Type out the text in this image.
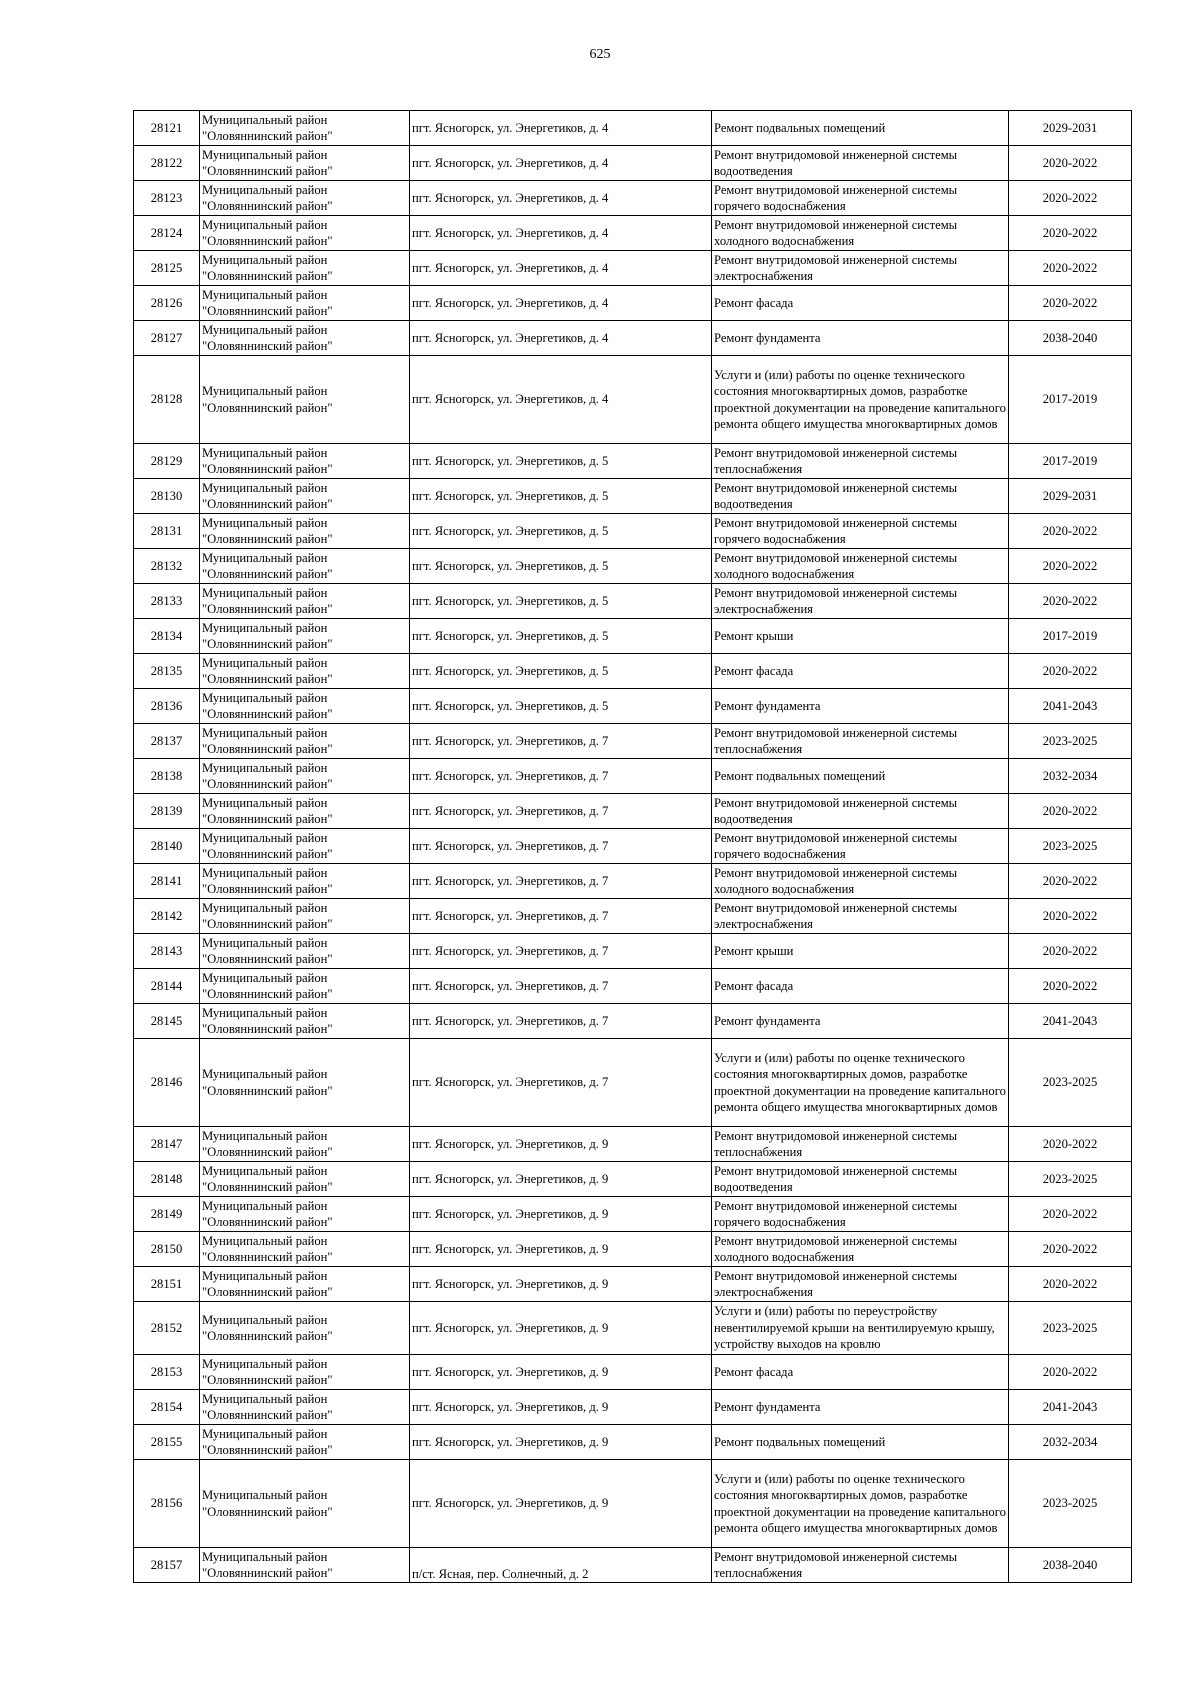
625
28121	Муниципальный район "Оловяннинский район"	пгт. Ясногорск, ул. Энергетиков, д. 4	Ремонт подвальных помещений	2029-2031
28122	Муниципальный район "Оловяннинский район"	пгт. Ясногорск, ул. Энергетиков, д. 4	Ремонт внутридомовой инженерной системы водоотведения	2020-2022
28123	Муниципальный район "Оловяннинский район"	пгт. Ясногорск, ул. Энергетиков, д. 4	Ремонт внутридомовой инженерной системы горячего водоснабжения	2020-2022
28124	Муниципальный район "Оловяннинский район"	пгт. Ясногорск, ул. Энергетиков, д. 4	Ремонт внутридомовой инженерной системы холодного водоснабжения	2020-2022
28125	Муниципальный район "Оловяннинский район"	пгт. Ясногорск, ул. Энергетиков, д. 4	Ремонт внутридомовой инженерной системы электроснабжения	2020-2022
28126	Муниципальный район "Оловяннинский район"	пгт. Ясногорск, ул. Энергетиков, д. 4	Ремонт фасада	2020-2022
28127	Муниципальный район "Оловяннинский район"	пгт. Ясногорск, ул. Энергетиков, д. 4	Ремонт фундамента	2038-2040
28128	Муниципальный район "Оловяннинский район"	пгт. Ясногорск, ул. Энергетиков, д. 4	Услуги и (или) работы по оценке технического состояния многоквартирных домов, разработке проектной документации на проведение капитального ремонта общего имущества многоквартирных домов	2017-2019
28129	Муниципальный район "Оловяннинский район"	пгт. Ясногорск, ул. Энергетиков, д. 5	Ремонт внутридомовой инженерной системы теплоснабжения	2017-2019
28130	Муниципальный район "Оловяннинский район"	пгт. Ясногорск, ул. Энергетиков, д. 5	Ремонт внутридомовой инженерной системы водоотведения	2029-2031
28131	Муниципальный район "Оловяннинский район"	пгт. Ясногорск, ул. Энергетиков, д. 5	Ремонт внутридомовой инженерной системы горячего водоснабжения	2020-2022
28132	Муниципальный район "Оловяннинский район"	пгт. Ясногорск, ул. Энергетиков, д. 5	Ремонт внутридомовой инженерной системы холодного водоснабжения	2020-2022
28133	Муниципальный район "Оловяннинский район"	пгт. Ясногорск, ул. Энергетиков, д. 5	Ремонт внутридомовой инженерной системы электроснабжения	2020-2022
28134	Муниципальный район "Оловяннинский район"	пгт. Ясногорск, ул. Энергетиков, д. 5	Ремонт крыши	2017-2019
28135	Муниципальный район "Оловяннинский район"	пгт. Ясногорск, ул. Энергетиков, д. 5	Ремонт фасада	2020-2022
28136	Муниципальный район "Оловяннинский район"	пгт. Ясногорск, ул. Энергетиков, д. 5	Ремонт фундамента	2041-2043
28137	Муниципальный район "Оловяннинский район"	пгт. Ясногорск, ул. Энергетиков, д. 7	Ремонт внутридомовой инженерной системы теплоснабжения	2023-2025
28138	Муниципальный район "Оловяннинский район"	пгт. Ясногорск, ул. Энергетиков, д. 7	Ремонт подвальных помещений	2032-2034
28139	Муниципальный район "Оловяннинский район"	пгт. Ясногорск, ул. Энергетиков, д. 7	Ремонт внутридомовой инженерной системы водоотведения	2020-2022
28140	Муниципальный район "Оловяннинский район"	пгт. Ясногорск, ул. Энергетиков, д. 7	Ремонт внутридомовой инженерной системы горячего водоснабжения	2023-2025
28141	Муниципальный район "Оловяннинский район"	пгт. Ясногорск, ул. Энергетиков, д. 7	Ремонт внутридомовой инженерной системы холодного водоснабжения	2020-2022
28142	Муниципальный район "Оловяннинский район"	пгт. Ясногорск, ул. Энергетиков, д. 7	Ремонт внутридомовой инженерной системы электроснабжения	2020-2022
28143	Муниципальный район "Оловяннинский район"	пгт. Ясногорск, ул. Энергетиков, д. 7	Ремонт крыши	2020-2022
28144	Муниципальный район "Оловяннинский район"	пгт. Ясногорск, ул. Энергетиков, д. 7	Ремонт фасада	2020-2022
28145	Муниципальный район "Оловяннинский район"	пгт. Ясногорск, ул. Энергетиков, д. 7	Ремонт фундамента	2041-2043
28146	Муниципальный район "Оловяннинский район"	пгт. Ясногорск, ул. Энергетиков, д. 7	Услуги и (или) работы по оценке технического состояния многоквартирных домов, разработке проектной документации на проведение капитального ремонта общего имущества многоквартирных домов	2023-2025
28147	Муниципальный район "Оловяннинский район"	пгт. Ясногорск, ул. Энергетиков, д. 9	Ремонт внутридомовой инженерной системы теплоснабжения	2020-2022
28148	Муниципальный район "Оловяннинский район"	пгт. Ясногорск, ул. Энергетиков, д. 9	Ремонт внутридомовой инженерной системы водоотведения	2023-2025
28149	Муниципальный район "Оловяннинский район"	пгт. Ясногорск, ул. Энергетиков, д. 9	Ремонт внутридомовой инженерной системы горячего водоснабжения	2020-2022
28150	Муниципальный район "Оловяннинский район"	пгт. Ясногорск, ул. Энергетиков, д. 9	Ремонт внутридомовой инженерной системы холодного водоснабжения	2020-2022
28151	Муниципальный район "Оловяннинский район"	пгт. Ясногорск, ул. Энергетиков, д. 9	Ремонт внутридомовой инженерной системы электроснабжения	2020-2022
28152	Муниципальный район "Оловяннинский район"	пгт. Ясногорск, ул. Энергетиков, д. 9	Услуги и (или) работы по переустройству невентилируемой крыши на вентилируемую крышу, устройству выходов на кровлю	2023-2025
28153	Муниципальный район "Оловяннинский район"	пгт. Ясногорск, ул. Энергетиков, д. 9	Ремонт фасада	2020-2022
28154	Муниципальный район "Оловяннинский район"	пгт. Ясногорск, ул. Энергетиков, д. 9	Ремонт фундамента	2041-2043
28155	Муниципальный район "Оловяннинский район"	пгт. Ясногорск, ул. Энергетиков, д. 9	Ремонт подвальных помещений	2032-2034
28156	Муниципальный район "Оловяннинский район"	пгт. Ясногорск, ул. Энергетиков, д. 9	Услуги и (или) работы по оценке технического состояния многоквартирных домов, разработке проектной документации на проведение капитального ремонта общего имущества многоквартирных домов	2023-2025
28157	Муниципальный район "Оловяннинский район"	п/ст. Ясная, пер. Солнечный, д. 2	Ремонт внутридомовой инженерной системы теплоснабжения	2038-2040
